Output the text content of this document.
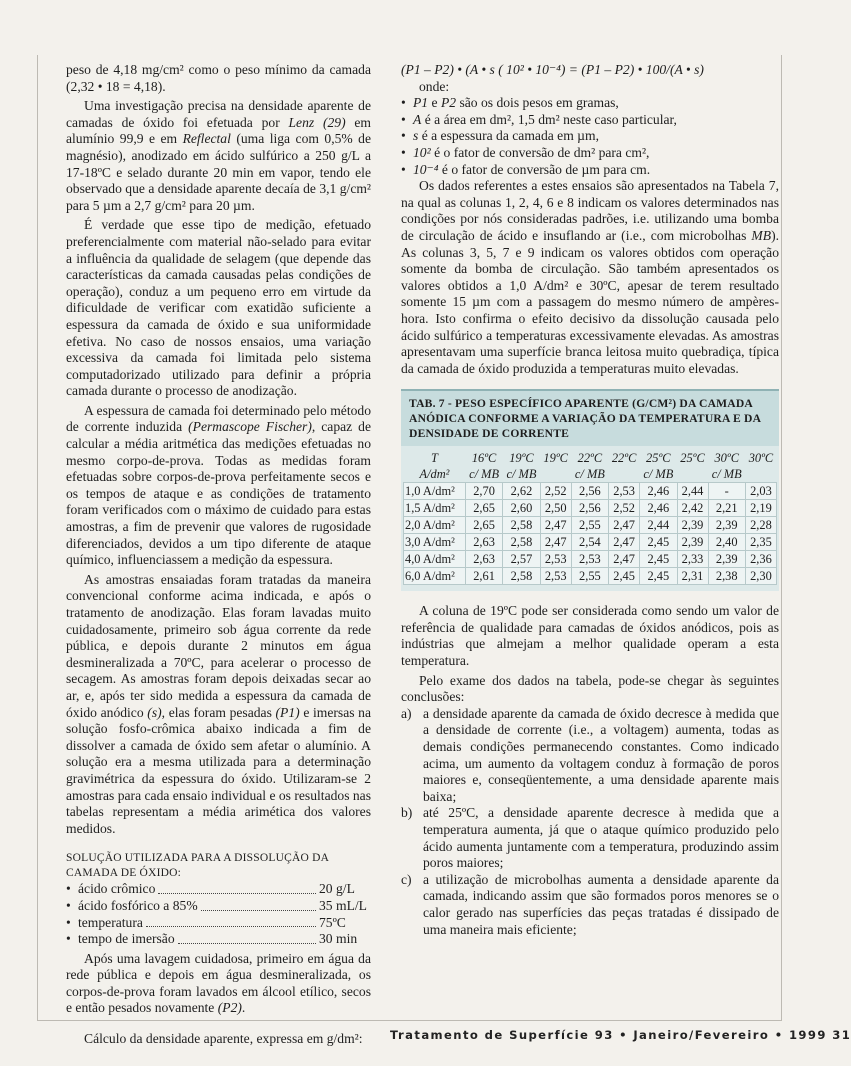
peso de 4,18 mg/cm² como o peso mínimo da camada (2,32 • 18 = 4,18).

Uma investigação precisa na densidade aparente de camadas de óxido foi efetuada por Lenz (29) em alumínio 99,9 e em Reflectal (uma liga com 0,5% de magnésio), anodizado em ácido sulfúrico a 250 g/L a 17-18ºC e selado durante 20 min em vapor, tendo ele observado que a densidade aparente decaía de 3,1 g/cm² para 5 µm a 2,7 g/cm² para 20 µm.

É verdade que esse tipo de medição, efetuado preferencialmente com material não-selado para evitar a influência da qualidade de selagem (que depende das características da camada causadas pelas condições de operação), conduz a um pequeno erro em virtude da dificuldade de verificar com exatidão suficiente a espessura da camada de óxido e sua uniformidade efetiva. No caso de nossos ensaios, uma variação excessiva da camada foi limitada pelo sistema computadorizado utilizado para definir a própria camada durante o processo de anodização.

A espessura de camada foi determinado pelo método de corrente induzida (Permascope Fischer), capaz de calcular a média aritmética das medições efetuadas no mesmo corpo-de-prova. Todas as medidas foram efetuadas sobre corpos-de-prova perfeitamente secos e os tempos de ataque e as condições de tratamento foram verificados com o máximo de cuidado para estas amostras, a fim de prevenir que valores de rugosidade diferenciados, devidos a um tipo diferente de ataque químico, influenciassem a medição da espessura.

As amostras ensaiadas foram tratadas da maneira convencional conforme acima indicada, e após o tratamento de anodização. Elas foram lavadas muito cuidadosamente, primeiro sob água corrente da rede pública, e depois durante 2 minutos em água desmineralizada a 70ºC, para acelerar o processo de secagem. As amostras foram depois deixadas secar ao ar, e, após ter sido medida a espessura da camada de óxido anódico (s), elas foram pesadas (P1) e imersas na solução fosfo-crômica abaixo indicada a fim de dissolver a camada de óxido sem afetar o alumínio. A solução era a mesma utilizada para a determinação gravimétrica da espessura do óxido. Utilizaram-se 2 amostras para cada ensaio individual e os resultados nas tabelas representam a média arimética dos valores medidos.

SOLUÇÃO UTILIZADA PARA A DISSOLUÇÃO DA CAMADA DE ÓXIDO:
• ácido crômico	20 g/L
• ácido fosfórico a 85%	35 mL/L
• temperatura	75ºC
• tempo de imersão	30 min

Após uma lavagem cuidadosa, primeiro em água da rede pública e depois em água desmineralizada, os corpos-de-prova foram lavados em álcool etílico, secos e então pesados novamente (P2).

Cálculo da densidade aparente, expressa em g/dm²:

(P1 – P2) • (A • s ( 10² • 10⁻⁴) = (P1 – P2) • 100/(A • s)

onde:

• P1 e P2 são os dois pesos em gramas,
• A é a área em dm², 1,5 dm² neste caso particular,
• s é a espessura da camada em µm,
• 10² é o fator de conversão de dm² para cm²,
• 10⁻⁴ é o fator de conversão de µm para cm.

Os dados referentes a estes ensaios são apresentados na Tabela 7, na qual as colunas 1, 2, 4, 6 e 8 indicam os valores determinados nas condições por nós consideradas padrões, i.e. utilizando uma bomba de circulação de ácido e insuflando ar (i.e., com microbolhas MB). As colunas 3, 5, 7 e 9 indicam os valores obtidos com operação somente da bomba de circulação. São também apresentados os valores obtidos a 1,0 A/dm² e 30ºC, apesar de terem resultado somente 15 µm com a passagem do mesmo número de ampères-hora. Isto confirma o efeito decisivo da dissolução causada pelo ácido sulfúrico a temperaturas excessivamente elevadas. As amostras apresentavam uma superfície branca leitosa muito quebradiça, típica da camada de óxido produzida a temperaturas muito elevadas.

TAB. 7 - PESO ESPECÍFICO APARENTE (G/CM²) DA CAMADA ANÓDICA CONFORME A VARIAÇÃO DA TEMPERATURA E DA DENSIDADE DE CORRENTE
T	16ºC	19ºC	19ºC	22ºC	22ºC	25ºC	25ºC	30ºC	30ºC
A/dm²	c/ MB	c/ MB		c/ MB		c/ MB		c/ MB	
1,0 A/dm²	2,70	2,62	2,52	2,56	2,53	2,46	2,44	-	2,03
1,5 A/dm²	2,65	2,60	2,50	2,56	2,52	2,46	2,42	2,21	2,19
2,0 A/dm²	2,65	2,58	2,47	2,55	2,47	2,44	2,39	2,39	2,28
3,0 A/dm²	2,63	2,58	2,47	2,54	2,47	2,45	2,39	2,40	2,35
4,0 A/dm²	2,63	2,57	2,53	2,53	2,47	2,45	2,33	2,39	2,36
6,0 A/dm²	2,61	2,58	2,53	2,55	2,45	2,45	2,31	2,38	2,30

A coluna de 19ºC pode ser considerada como sendo um valor de referência de qualidade para camadas de óxidos anódicos, pois as indústrias que almejam a melhor qualidade operam a esta temperatura.

Pelo exame dos dados na tabela, pode-se chegar às seguintes conclusões:

a) a densidade aparente da camada de óxido decresce à medida que a densidade de corrente (i.e., a voltagem) aumenta, todas as demais condições permanecendo constantes. Como indicado acima, um aumento da voltagem conduz à formação de poros maiores e, conseqüentemente, a uma densidade aparente mais baixa;
b) até 25ºC, a densidade aparente decresce à medida que a temperatura aumenta, já que o ataque químico produzido pelo ácido aumenta juntamente com a temperatura, produzindo assim poros maiores;
c) a utilização de microbolhas aumenta a densidade aparente da camada, indicando assim que são formados poros menores se o calor gerado nas superfícies das peças tratadas é dissipado de uma maneira mais eficiente;
Tratamento de Superfície 93 • Janeiro/Fevereiro • 1999 31
